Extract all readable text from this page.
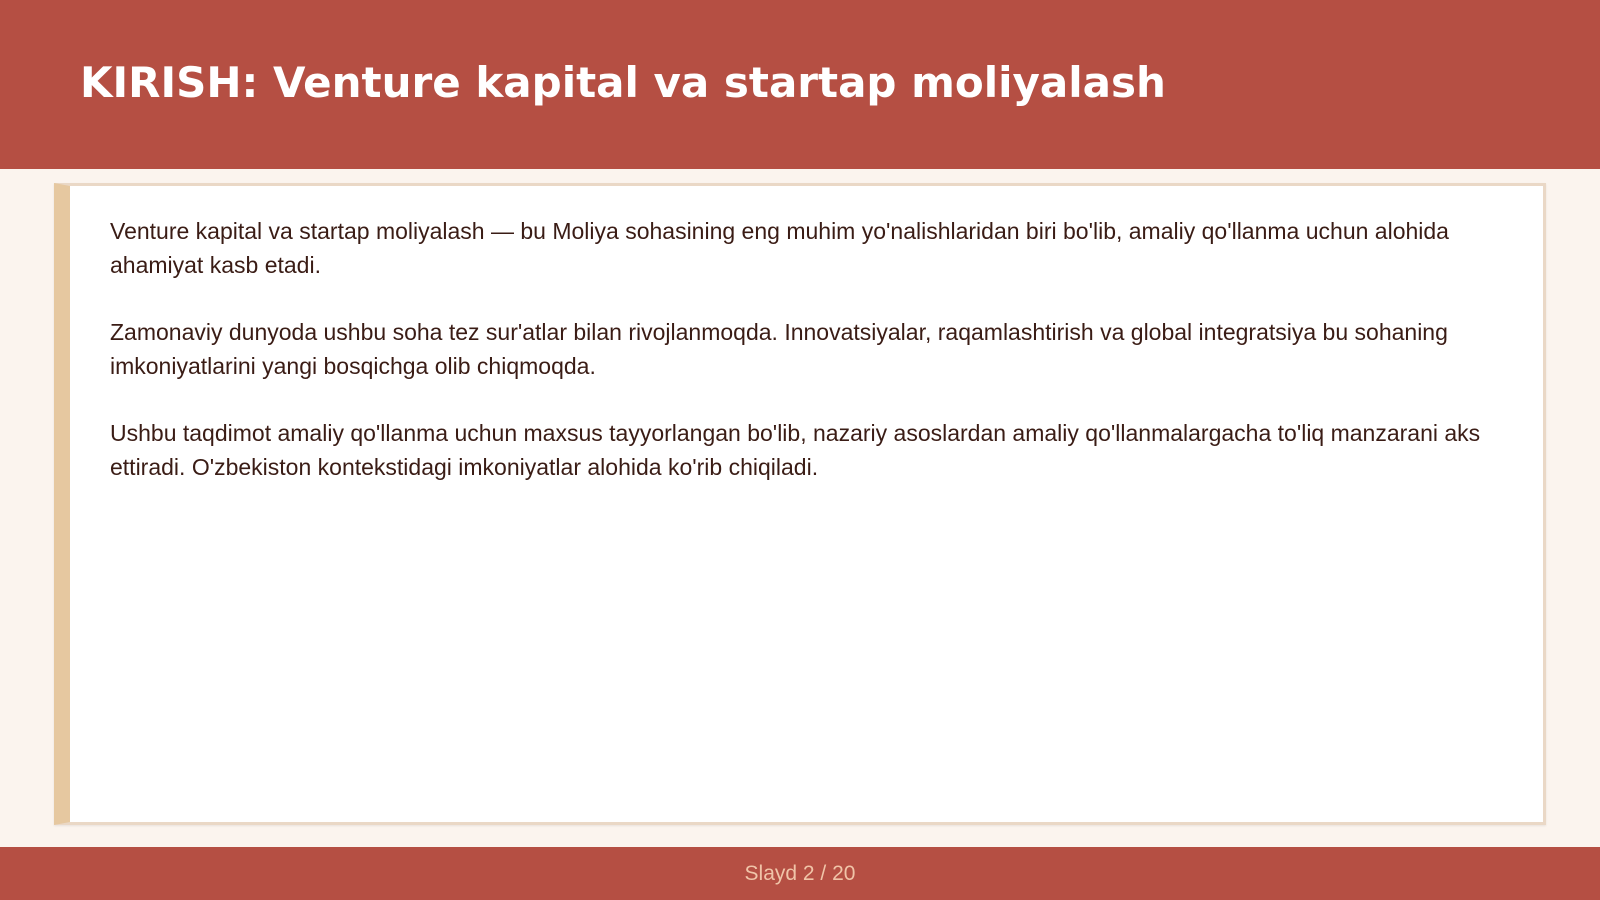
KIRISH: Venture kapital va startap moliyalash

Venture kapital va startap moliyalash — bu Moliya sohasining eng muhim yo'nalishlaridan biri bo'lib, amaliy qo'llanma uchun alohida ahamiyat kasb etadi.

Zamonaviy dunyoda ushbu soha tez sur'atlar bilan rivojlanmoqda. Innovatsiyalar, raqamlashtirish va global integratsiya bu sohaning imkoniyatlarini yangi bosqichga olib chiqmoqda.

Ushbu taqdimot amaliy qo'llanma uchun maxsus tayyorlangan bo'lib, nazariy asoslardan amaliy qo'llanmalargacha to'liq manzarani aks ettiradi. O'zbekiston kontekstidagi imkoniyatlar alohida ko'rib chiqiladi.

Slayd 2 / 20
